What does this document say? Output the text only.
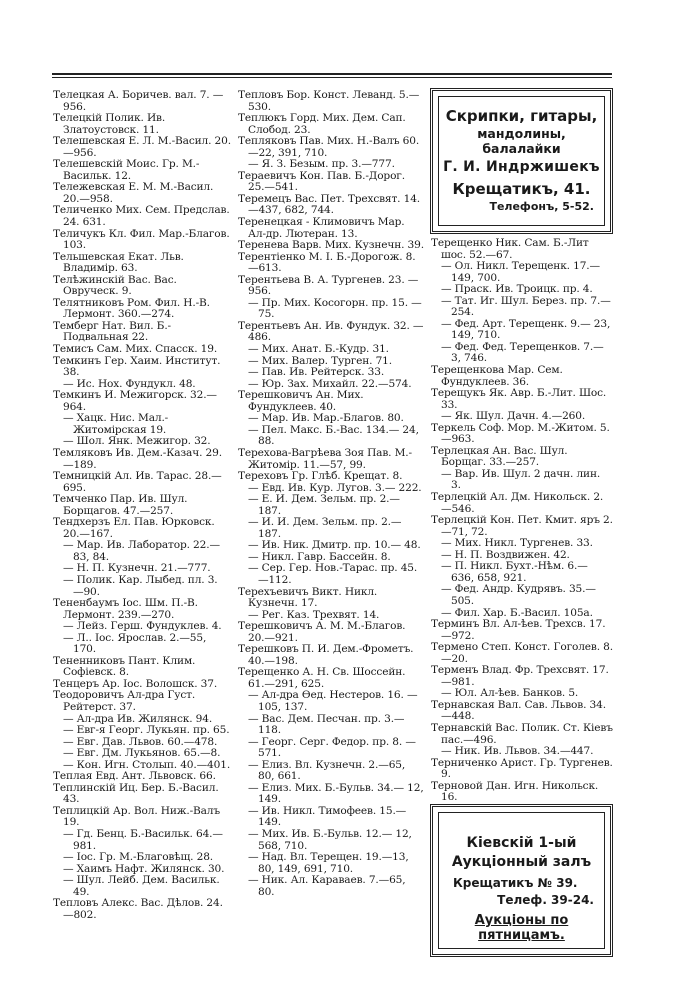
Телецкая А. Боричев. вал. 7. —956.
Телецкій Полик. Ив. Златоустовск. 11.
Телешевская Е. Л. М.-Васил. 20.—956.
Телешевскій Моис. Гр. М.-Васильк. 12.
Тележевская Е. М. М.-Васил. 20.—958.
Теличенко Мих. Сем. Предслав. 24. 631.
Теличукъ Кл. Фил. Мар.-Благов. 103.
Тельшевская Екат. Льв. Владимір. 63.
Телѣжинскій Вас. Вас. Овруческ. 9.
Телятниковъ Ром. Фил. Н.-В. Лермонт. 360.—274.
Темберг Нат. Вил. Б.-Подвальная 22.
Темисъ Сам. Мих. Спасск. 19.
Темкинъ Гер. Хаим. Институт. 38.
— Ис. Нох. Фундукл. 48.
Темкинъ И. Межигорск. 32.—964.
— Хацк. Нис. Мал.-Житомірская 19.
— Шол. Янк. Межигор. 32.
Темляковъ Ив. Дем.-Казач. 29. —189.
Темницкій Ал. Ив. Тарас. 28.—695.
Темченко Пар. Ив. Шул. Борщагов. 47.—257.
Тендхерзъ Ел. Пав. Юрковск. 20.—167.
— Мар. Ив. Лаборатор. 22.—83, 84.
— Н. П. Кузнечн. 21.—777.
— Полик. Кар. Лыбед. пл. 3. —90.
Тененбаумъ Іос. Шм. П.-В. Лермонт. 239.—270.
— Лейз. Герш. Фундуклев. 4.
— Л.. Іос. Ярослав. 2.—55, 170.
Тененниковъ Пант. Клим. Софіевск. 8.
Тенцеръ Ар. Іос. Волошск. 37.
Теодоровичъ Ал-дра Густ. Рейтерст. 37.
— Ал-дра Ив. Жилянск. 94.
— Евг-я Георг. Лукьян. пр. 65.
— Евг. Дав. Львов. 60.—478.
— Евг. Дм. Лукьянов. 65.—8.
— Кон. Игн. Столып. 40.—401.
Теплая Евд. Ант. Львовск. 66.
Теплинскій Иц. Бер. Б.-Васил. 43.
Теплицкій Ар. Вол. Ниж.-Валъ 19.
— Гд. Бенц. Б.-Васильк. 64.— 981.
— Іос. Гр. М.-Благовѣщ. 28.
— Хаимъ Нафт. Жилянск. 30.
— Шул. Лейб. Дем. Васильк. 49.
Тепловъ Алекс. Вас. Дѣлов. 24.—802.
Тепловъ Бор. Конст. Леванд. 5.—530.
Теплюкъ Горд. Мих. Дем. Сап. Слобод. 23.
Тепляковъ Пав. Мих. Н.-Валъ 60.—22, 391, 710.
— Я. З. Безым. пр. 3.—777.
Тераевичъ Кон. Пав. Б.-Дорог. 25.—541.
Теремецъ Вас. Пет. Трехсвят. 14.—437, 682, 744.
Теренецкая - Климовичъ Мар. Ал-др. Лютеран. 13.
Теренева Варв. Мих. Кузнечн. 39.
Терентіенко М. I. Б.-Дорогож. 8.—613.
Терентьева В. А. Тургенев. 23. —956.
— Пр. Мих. Косогорн. пр. 15. —75.
Терентьевъ Ан. Ив. Фундук. 32. —486.
— Мих. Анат. Б.-Кудр. 31.
— Мих. Валер. Турген. 71.
— Пав. Ив. Рейтерск. 33.
— Юр. Зах. Михайл. 22.—574.
Терешковичъ Ан. Мих. Фундуклеев. 40.
— Мар. Ив. Мар.-Благов. 80.
— Пел. Макс. Б.-Вас. 134.— 24, 88.
Терехова-Вагрѣева Зоя Пав. М.-Житомір. 11.—57, 99.
Тереховъ Гр. Глѣб. Крещат. 8.
— Евд. Ив. Кур. Лугов. 3.— 222.
— Е. И. Дем. Зельм. пр. 2.— 187.
— И. И. Дем. Зельм. пр. 2.— 187.
— Ив. Ник. Дмитр. пр. 10.— 48.
— Никл. Гавр. Бассейн. 8.
— Сер. Гер. Нов.-Тарас. пр. 45.—112.
Терехъевичъ Викт. Никл. Кузнечн. 17.
— Рег. Каз. Трехвят. 14.
Терешковичъ А. М. М.-Благов. 20.—921.
Терешковъ П. И. Дем.-Фрометъ. 40.—198.
Терещенко А. Н. Св. Шоссейн. 61.—291, 625.
— Ал-дра Ѳед. Нестеров. 16. —105, 137.
— Вас. Дем. Песчан. пр. 3.— 118.
— Георг. Серг. Федор. пр. 8. —571.
— Елиз. Вл. Кузнечн. 2.—65, 80, 661.
— Елиз. Мих. Б.-Бульв. 34.— 12, 149.
— Ив. Никл. Тимофеев. 15.— 149.
— Мих. Ив. Б.-Бульв. 12.— 12, 568, 710.
— Над. Вл. Терещен. 19.—13, 80, 149, 691, 710.
— Ник. Ал. Караваев. 7.—65, 80.
Скрипки, гитары,
мандолины, балалайки
Г. И. Индржишекъ
Крещатикъ, 41.
Телефонъ, 5-52.
Терещенко Ник. Сам. Б.-Лит шос. 52.—67.
— Ол. Никл. Терещенк. 17.— 149, 700.
— Праск. Ив. Троицк. пр. 4.
— Тат. Иг. Шул. Берез. пр. 7.—254.
— Фед. Арт. Терещенк. 9.— 23, 149, 710.
— Фед. Фед. Терещенков. 7.— 3, 746.
Терещенкова Мар. Сем. Фундуклеев. 36.
Терещукъ Як. Авр. Б.-Лит. Шос. 33.
— Як. Шул. Дачн. 4.—260.
Теркель Соф. Мор. М.-Житом. 5.—963.
Терлецкая Ан. Вас. Шул. Борщаг. 33.—257.
— Вар. Ив. Шул. 2 дачн. лин. 3.
Терлецкій Ал. Дм. Никольск. 2.—546.
Терлецкій Кон. Пет. Кмит. яръ 2.—71, 72.
— Мих. Никл. Тургенев. 33.
— Н. П. Воздвижен. 42.
— П. Никл. Бухт.-Нѣм. 6.— 636, 658, 921.
— Фед. Андр. Кудрявъ. 35.— 505.
— Фил. Хар. Б.-Васил. 105а.
Терминъ Вл. Ал-ѣев. Трехсв. 17.—972.
Термено Степ. Конст. Гоголев. 8.—20.
Терменъ Влад. Фр. Трехсвят. 17.—981.
— Юл. Ал-ѣев. Банков. 5.
Тернавская Вал. Сав. Львов. 34.—448.
Тернавскій Вас. Полик. Ст. Кіевъ пас.—496.
— Ник. Ив. Львов. 34.—447.
Терниченко Арист. Гр. Тургенев. 9.
Терновой Дан. Игн. Никольск. 16.
Кіевскій 1-ый
Аукціонный залъ
Крещатикъ № 39.
Телеф. 39-24.
Аукціоны по пятницамъ.
